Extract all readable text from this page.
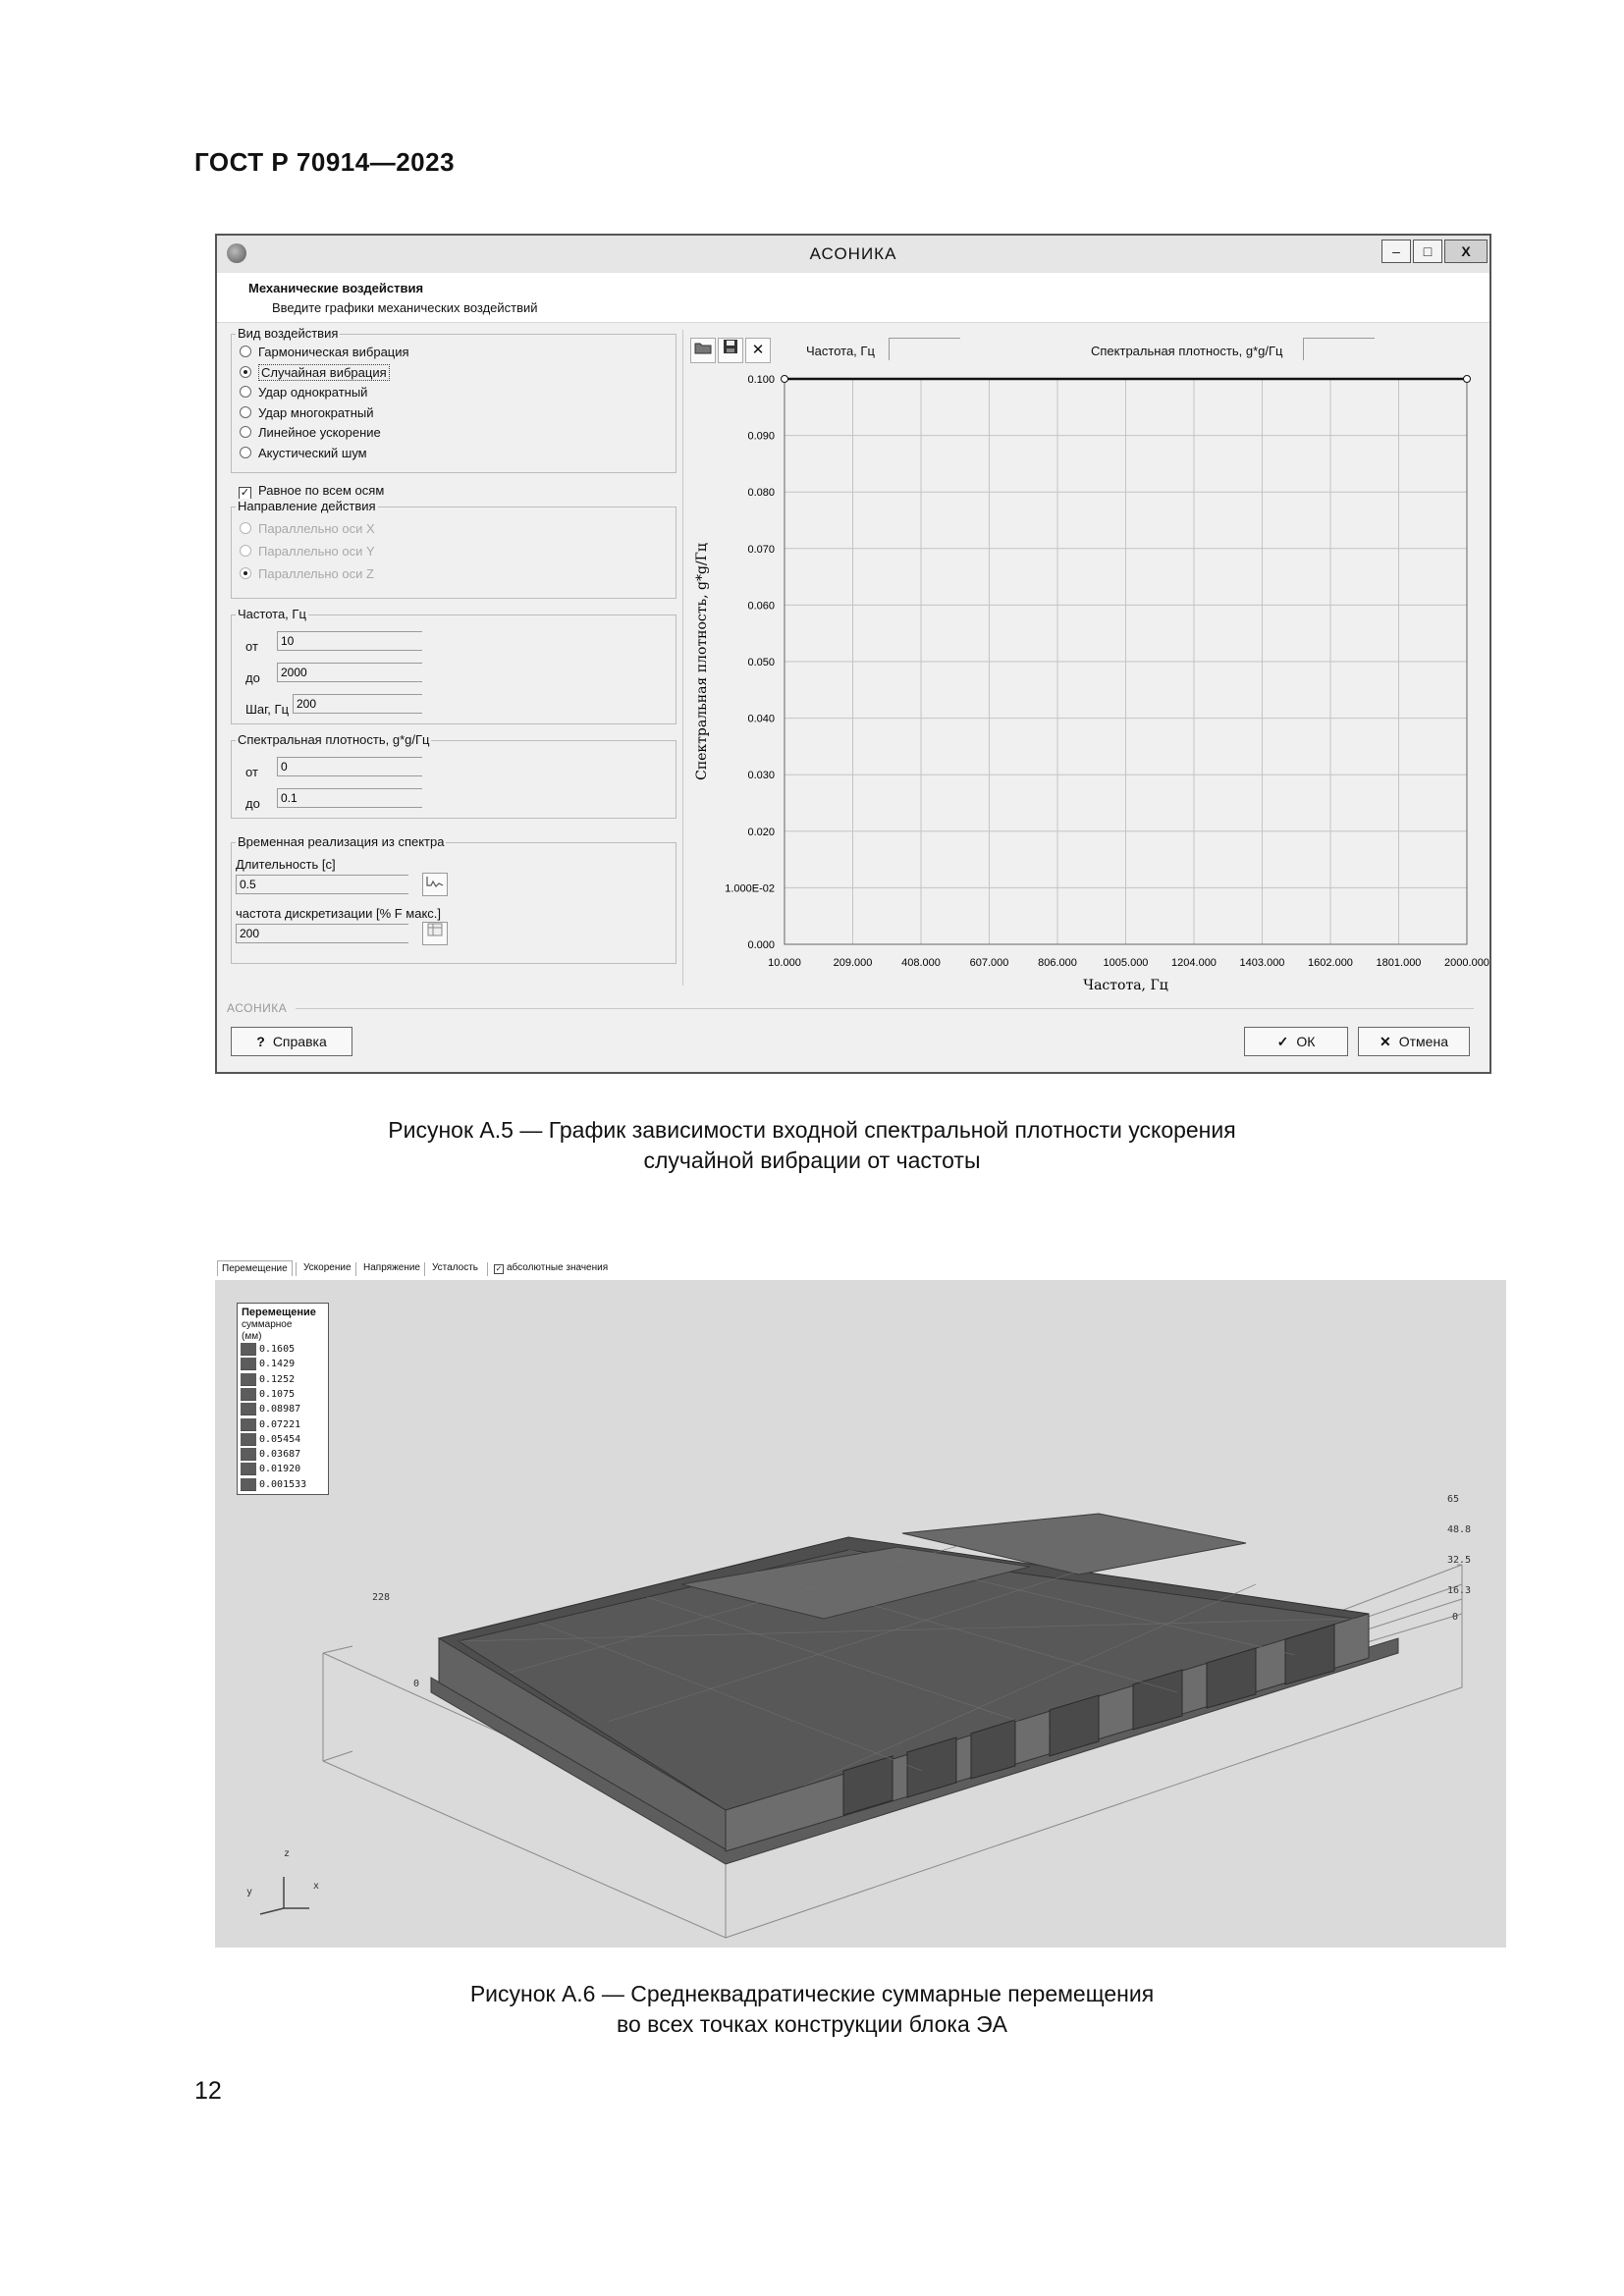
ГОСТ Р 70914—2023
АСОНИКА	–	□	X
Механические воздействия
Введите графики механических воздействий
Вид воздействия
Гармоническая вибрация
Случайная вибрация
Удар однократный
Удар многократный
Линейное ускорение
Акустический шум
✓ Равное по всем осям
Направление действия
Параллельно оси X
Параллельно оси Y
Параллельно оси Z
Частота, Гц
от
10
до
2000
Шаг, Гц
200
Спектральная плотность, g*g/Гц
от
0
до
0.1
Временная реализация из спектра
Длительность [c]
0.5
частота дискретизации [% F макс.]
200
✕	Частота, Гц	Спектральная плотность, g*g/Гц
0.000
1.000E-02
0.020
0.030
0.040
0.050
0.060
0.070
0.080
0.090
0.100
10.000	209.000	408.000	607.000	806.000 1005.000 1204.000 1403.000 1602.000 1801.000 2000.000
Спектральная плотность, g*g/Гц
Частота, Гц
АСОНИКА
? Справка	✓ ОК	✕ Отмена
Рисунок А.5 — График зависимости входной спектральной плотности ускорения
случайной вибрации от частоты
Перемещение	Ускорение	Напряжение	Усталость	✓ абсолютные значения
z
y
x
65
48.8
32.5
16.3
0
228
0
Перемещение
суммарное
(мм)
0.1605
0.1429
0.1252
0.1075
0.08987
0.07221
0.05454
0.03687
0.01920
0.001533
Рисунок А.6 — Среднеквадратические суммарные перемещения
во всех точках конструкции блока ЭА
12
